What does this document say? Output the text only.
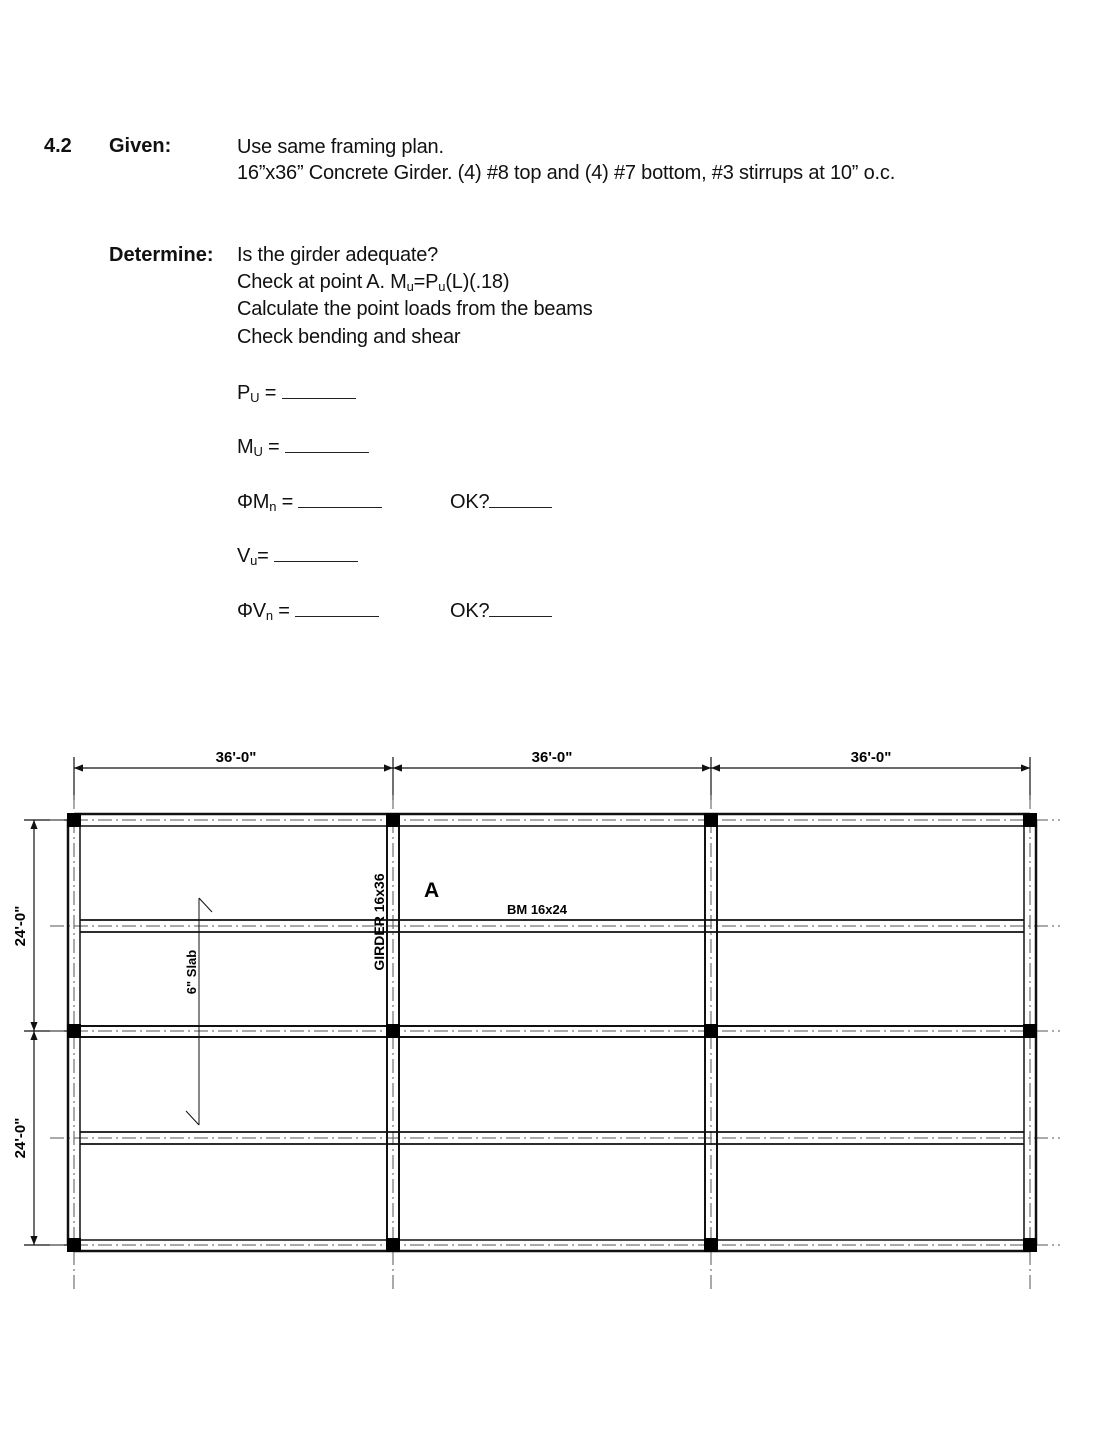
4.2 Given:	Use same framing plan.
16”x36” Concrete Girder. (4) #8 top and (4) #7 bottom, #3 stirrups at 10” o.c.
Determine: Is the girder adequate?
Check at point A. $M_u=P_u(L)(.18)$
Calculate the point loads from the beams
Check bending and shear
$P_U$ =
$M_U$ =
$\Phi M_n$ =	OK?
$V_u=$
$\Phi V_n$ =	OK?
36'-0"	36'-0"	36'-0"
24'-0"
24'-0"
6" Slab
GIRDER 16x36 A
BM 16x24
